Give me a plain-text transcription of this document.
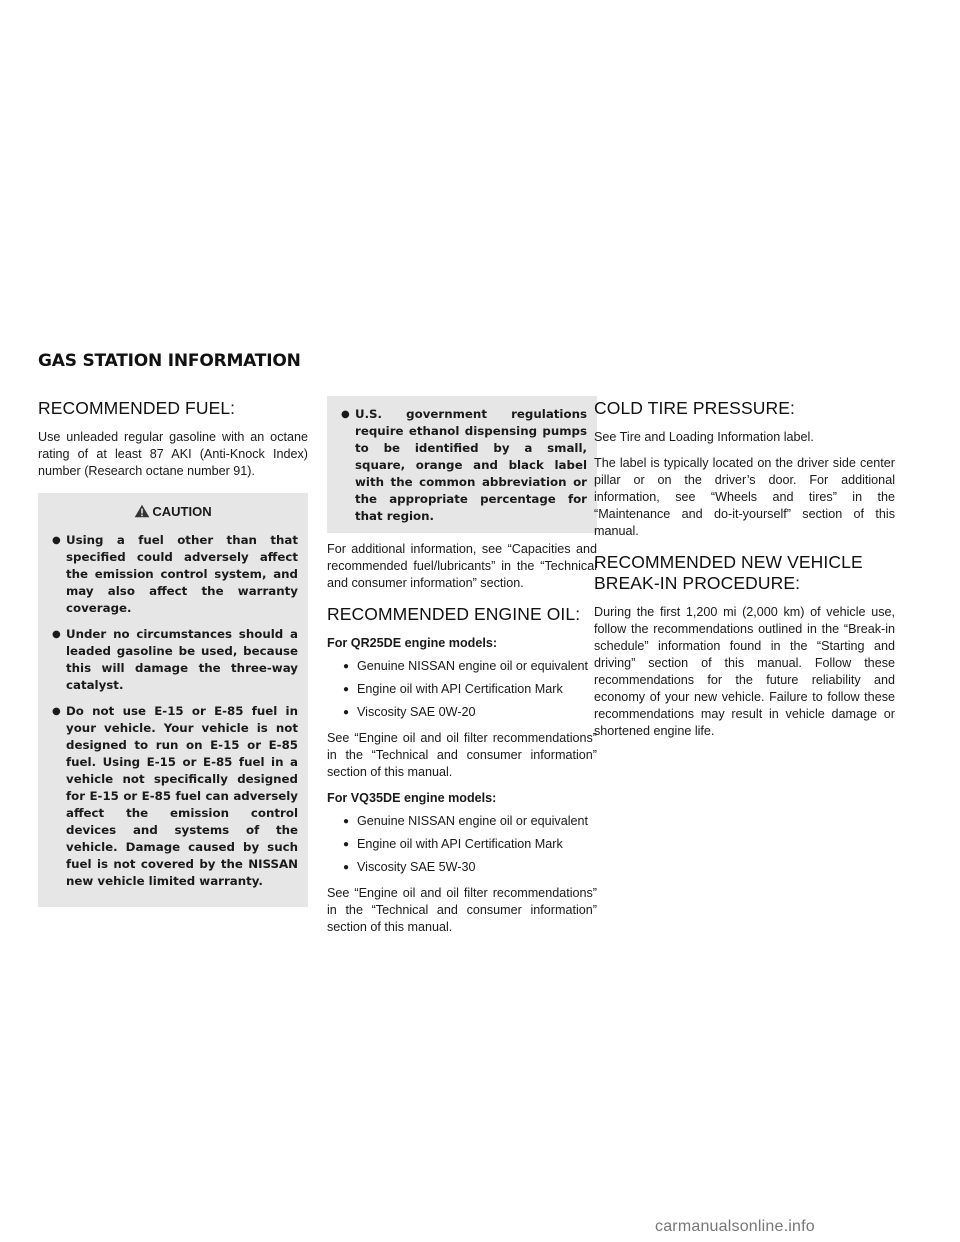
GAS STATION INFORMATION
RECOMMENDED FUEL:

Use unleaded regular gasoline with an octane rating of at least 87 AKI (Anti-Knock Index) number (Research octane number 91).

CAUTION
● Using a fuel other than that specified could adversely affect the emission control system, and may also affect the warranty coverage.
● Under no circumstances should a leaded gasoline be used, because this will damage the three-way catalyst.
● Do not use E-15 or E-85 fuel in your vehicle. Your vehicle is not designed to run on E-15 or E-85 fuel. Using E-15 or E-85 fuel in a vehicle not specifically designed for E-15 or E-85 fuel can adversely affect the emission control devices and systems of the vehicle. Damage caused by such fuel is not covered by the NISSAN new vehicle limited warranty.
● U.S. government regulations require ethanol dispensing pumps to be identified by a small, square, orange and black label with the common abbreviation or the appropriate percentage for that region.

For additional information, see “Capacities and recommended fuel/lubricants” in the “Technical and consumer information” section.

RECOMMENDED ENGINE OIL:

For QR25DE engine models:

● Genuine NISSAN engine oil or equivalent
● Engine oil with API Certification Mark
● Viscosity SAE 0W-20

See “Engine oil and oil filter recommendations” in the “Technical and consumer information” section of this manual.

For VQ35DE engine models:

● Genuine NISSAN engine oil or equivalent
● Engine oil with API Certification Mark
● Viscosity SAE 5W-30

See “Engine oil and oil filter recommendations” in the “Technical and consumer information” section of this manual.

COLD TIRE PRESSURE:

See Tire and Loading Information label.

The label is typically located on the driver side center pillar or on the driver’s door. For additional information, see “Wheels and tires” in the “Maintenance and do-it-yourself” section of this manual.

RECOMMENDED NEW VEHICLE BREAK-IN PROCEDURE:

During the first 1,200 mi (2,000 km) of vehicle use, follow the recommendations outlined in the “Break-in schedule” information found in the “Starting and driving” section of this manual. Follow these recommendations for the future reliability and economy of your new vehicle. Failure to follow these recommendations may result in vehicle damage or shortened engine life.

carmanualsonline.info
